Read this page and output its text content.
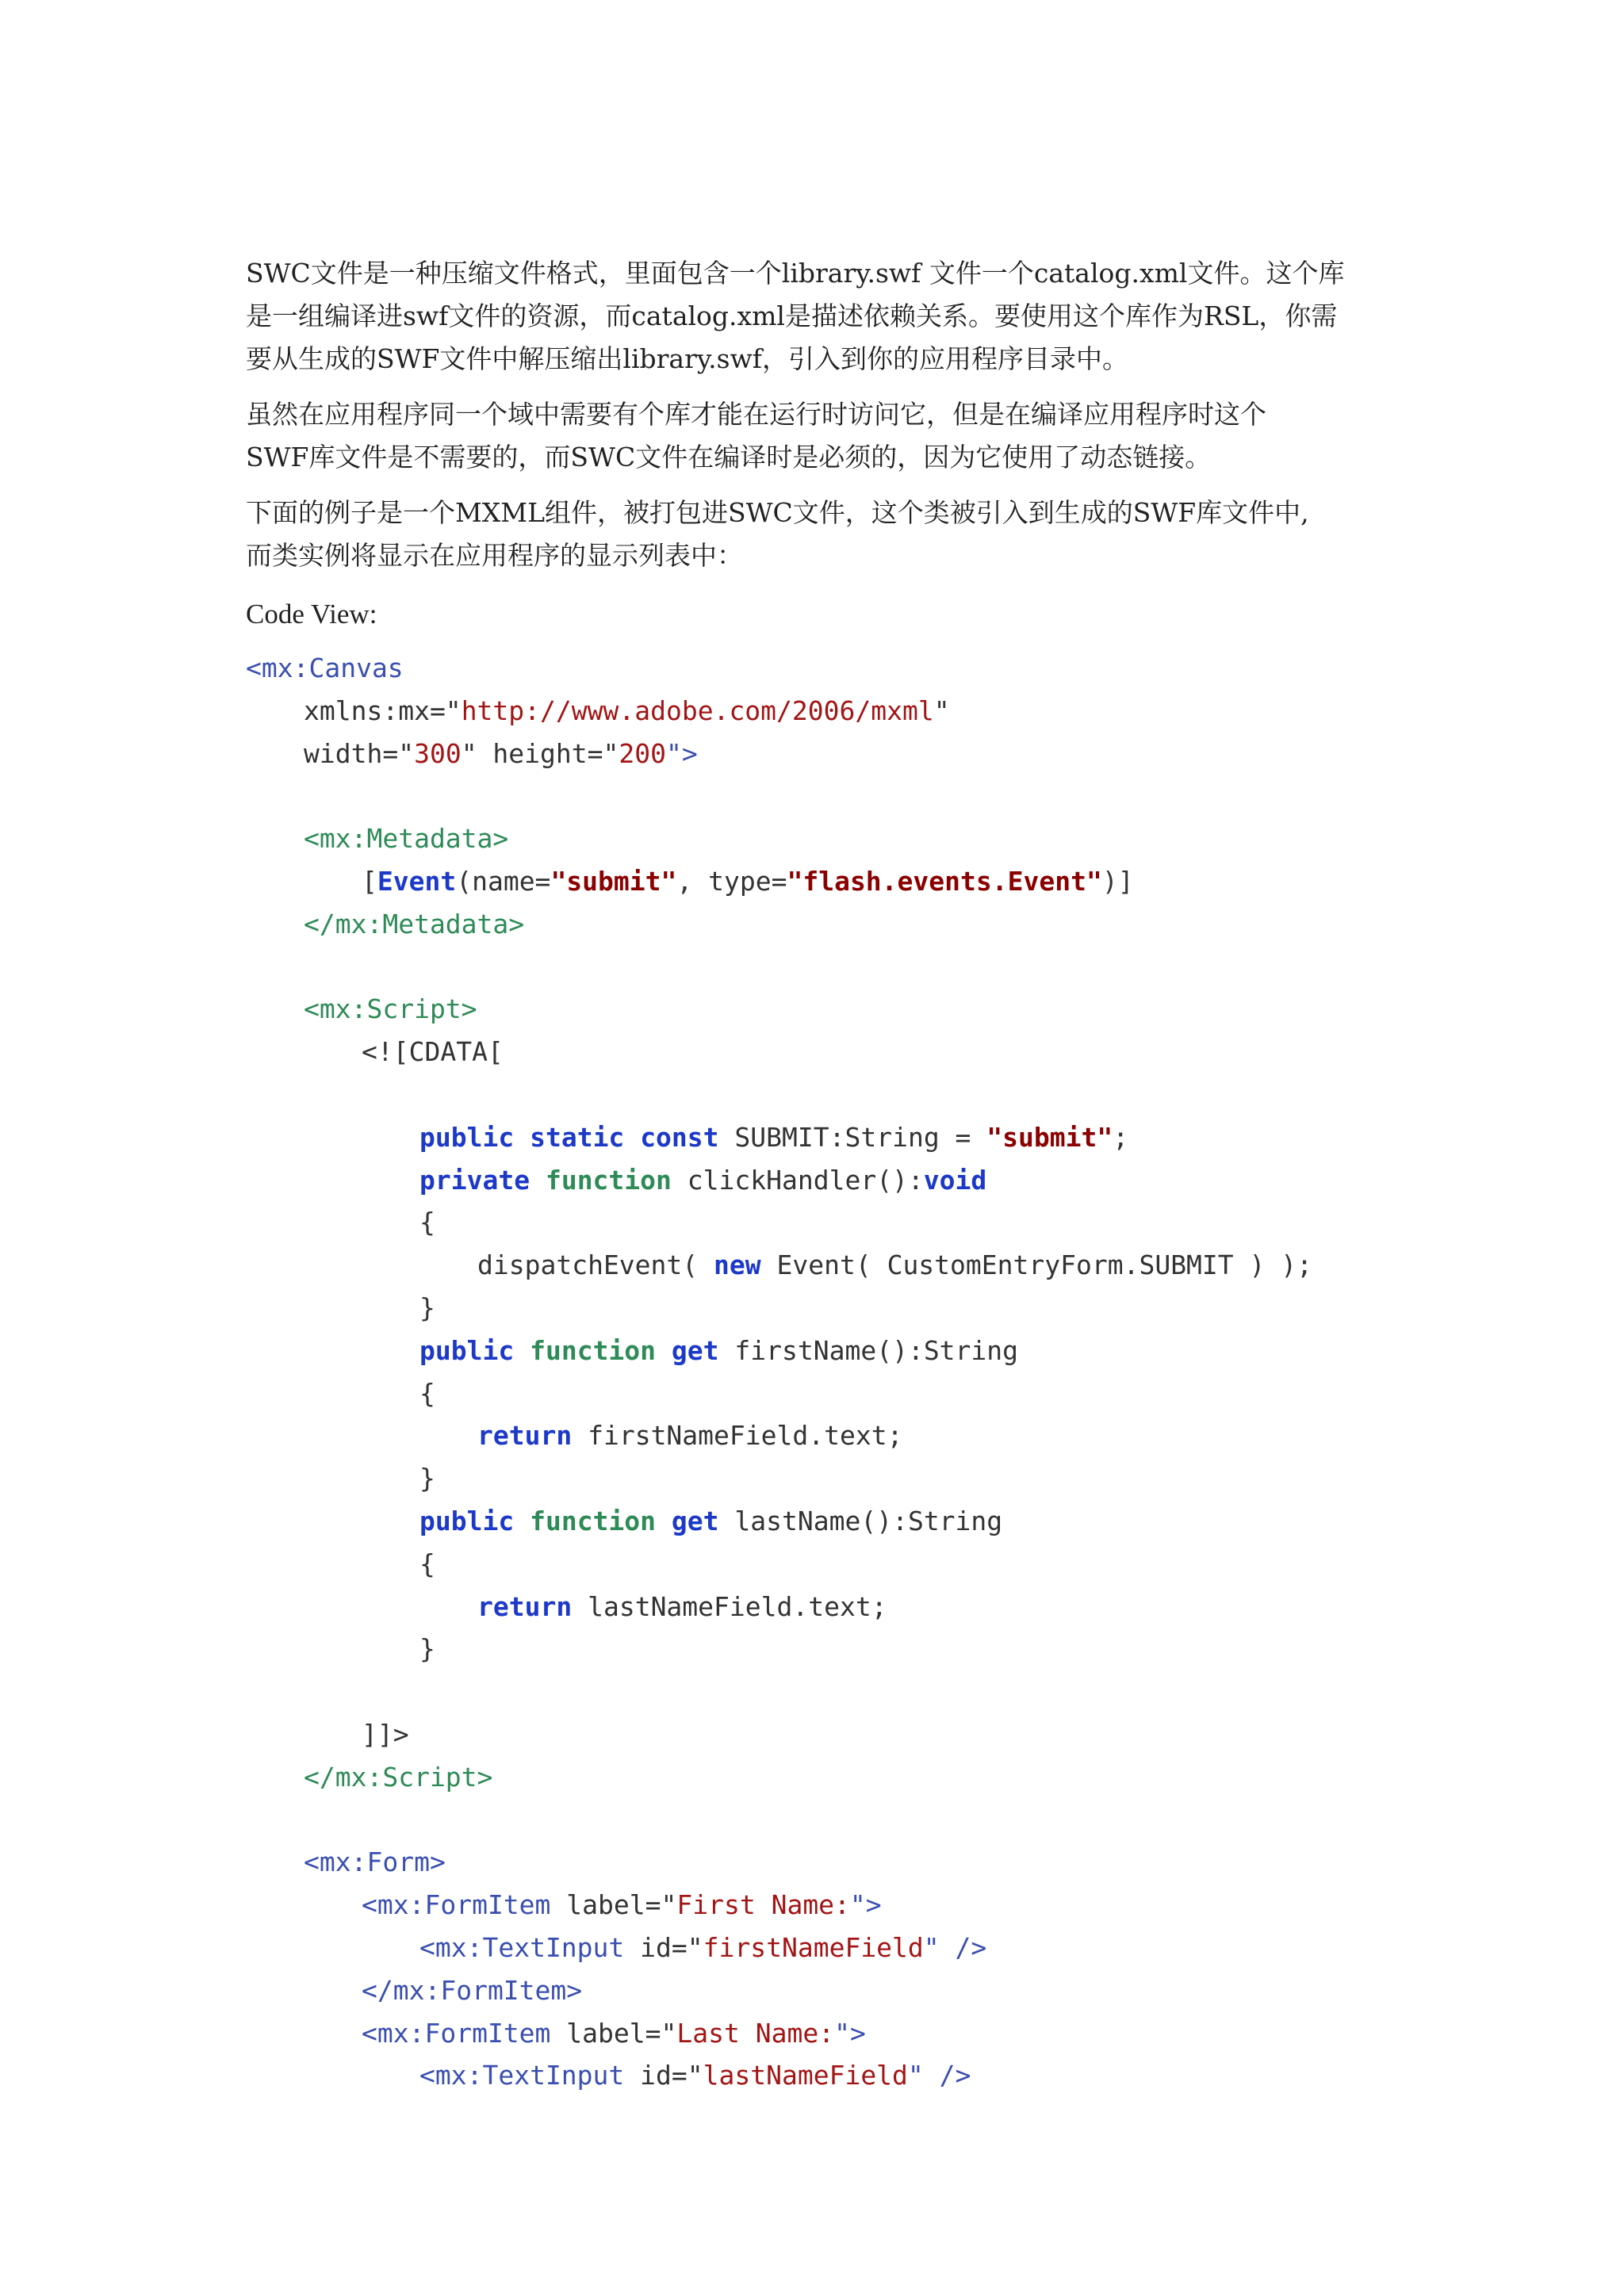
SWC文件是一种压缩文件格式，里面包含一个library.swf 文件一个catalog.xml文件。这个库
是一组编译进swf文件的资源，而catalog.xml是描述依赖关系。要使用这个库作为RSL，你需
要从生成的SWF文件中解压缩出library.swf，引入到你的应用程序目录中。
虽然在应用程序同一个域中需要有个库才能在运行时访问它，但是在编译应用程序时这个
SWF库文件是不需要的，而SWC文件在编译时是必须的，因为它使用了动态链接。
下面的例子是一个MXML组件，被打包进SWC文件，这个类被引入到生成的SWF库文件中,
而类实例将显示在应用程序的显示列表中：
Code View:
<mx:Canvas
xmlns:mx="http://www.adobe.com/2006/mxml"
width="300" height="200">
<mx:Metadata>
[Event(name="submit", type="flash.events.Event")]
</mx:Metadata>
<mx:Script>
<![CDATA[
public static const SUBMIT:String = "submit";
private function clickHandler():void
{
dispatchEvent( new Event( CustomEntryForm.SUBMIT ) );
}
public function get firstName():String
{
return firstNameField.text;
}
public function get lastName():String
{
return lastNameField.text;
}
]]>
</mx:Script>
<mx:Form>
<mx:FormItem label="First Name:">
<mx:TextInput id="firstNameField" />
</mx:FormItem>
<mx:FormItem label="Last Name:">
<mx:TextInput id="lastNameField" />
